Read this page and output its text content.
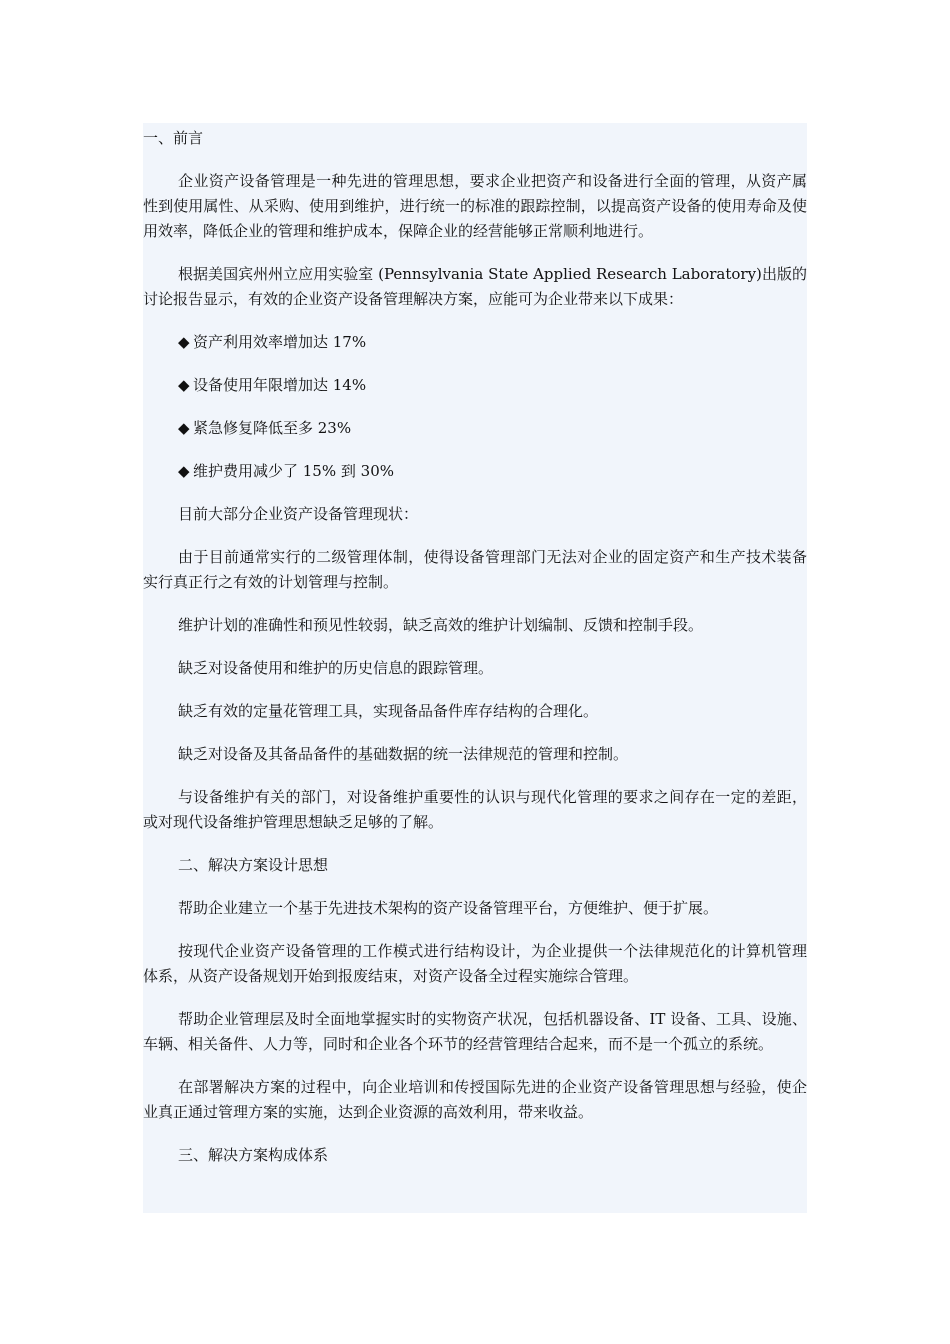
一、前言

企业资产设备管理是一种先进的管理思想，要求企业把资产和设备进行全面的管理，从资产属性到使用属性、从采购、使用到维护，进行统一的标准的跟踪控制，以提高资产设备的使用寿命及使用效率，降低企业的管理和维护成本，保障企业的经营能够正常顺利地进行。

根据美国宾州州立应用实验室 (Pennsylvania State Applied Research Laboratory)出版的讨论报告显示，有效的企业资产设备管理解决方案，应能可为企业带来以下成果：

◆ 资产利用效率增加达 17%

◆ 设备使用年限增加达 14%

◆ 紧急修复降低至多 23%

◆ 维护费用减少了 15% 到 30%

目前大部分企业资产设备管理现状：

由于目前通常实行的二级管理体制，使得设备管理部门无法对企业的固定资产和生产技术装备实行真正行之有效的计划管理与控制。

维护计划的准确性和预见性较弱，缺乏高效的维护计划编制、反馈和控制手段。

缺乏对设备使用和维护的历史信息的跟踪管理。

缺乏有效的定量花管理工具，实现备品备件库存结构的合理化。

缺乏对设备及其备品备件的基础数据的统一法律规范的管理和控制。

与设备维护有关的部门，对设备维护重要性的认识与现代化管理的要求之间存在一定的差距，或对现代设备维护管理思想缺乏足够的了解。

二、解决方案设计思想

帮助企业建立一个基于先进技术架构的资产设备管理平台，方便维护、便于扩展。

按现代企业资产设备管理的工作模式进行结构设计，为企业提供一个法律规范化的计算机管理体系，从资产设备规划开始到报废结束，对资产设备全过程实施综合管理。

帮助企业管理层及时全面地掌握实时的实物资产状况，包括机器设备、IT 设备、工具、设施、车辆、相关备件、人力等，同时和企业各个环节的经营管理结合起来，而不是一个孤立的系统。

在部署解决方案的过程中，向企业培训和传授国际先进的企业资产设备管理思想与经验，使企业真正通过管理方案的实施，达到企业资源的高效利用，带来收益。

三、解决方案构成体系
